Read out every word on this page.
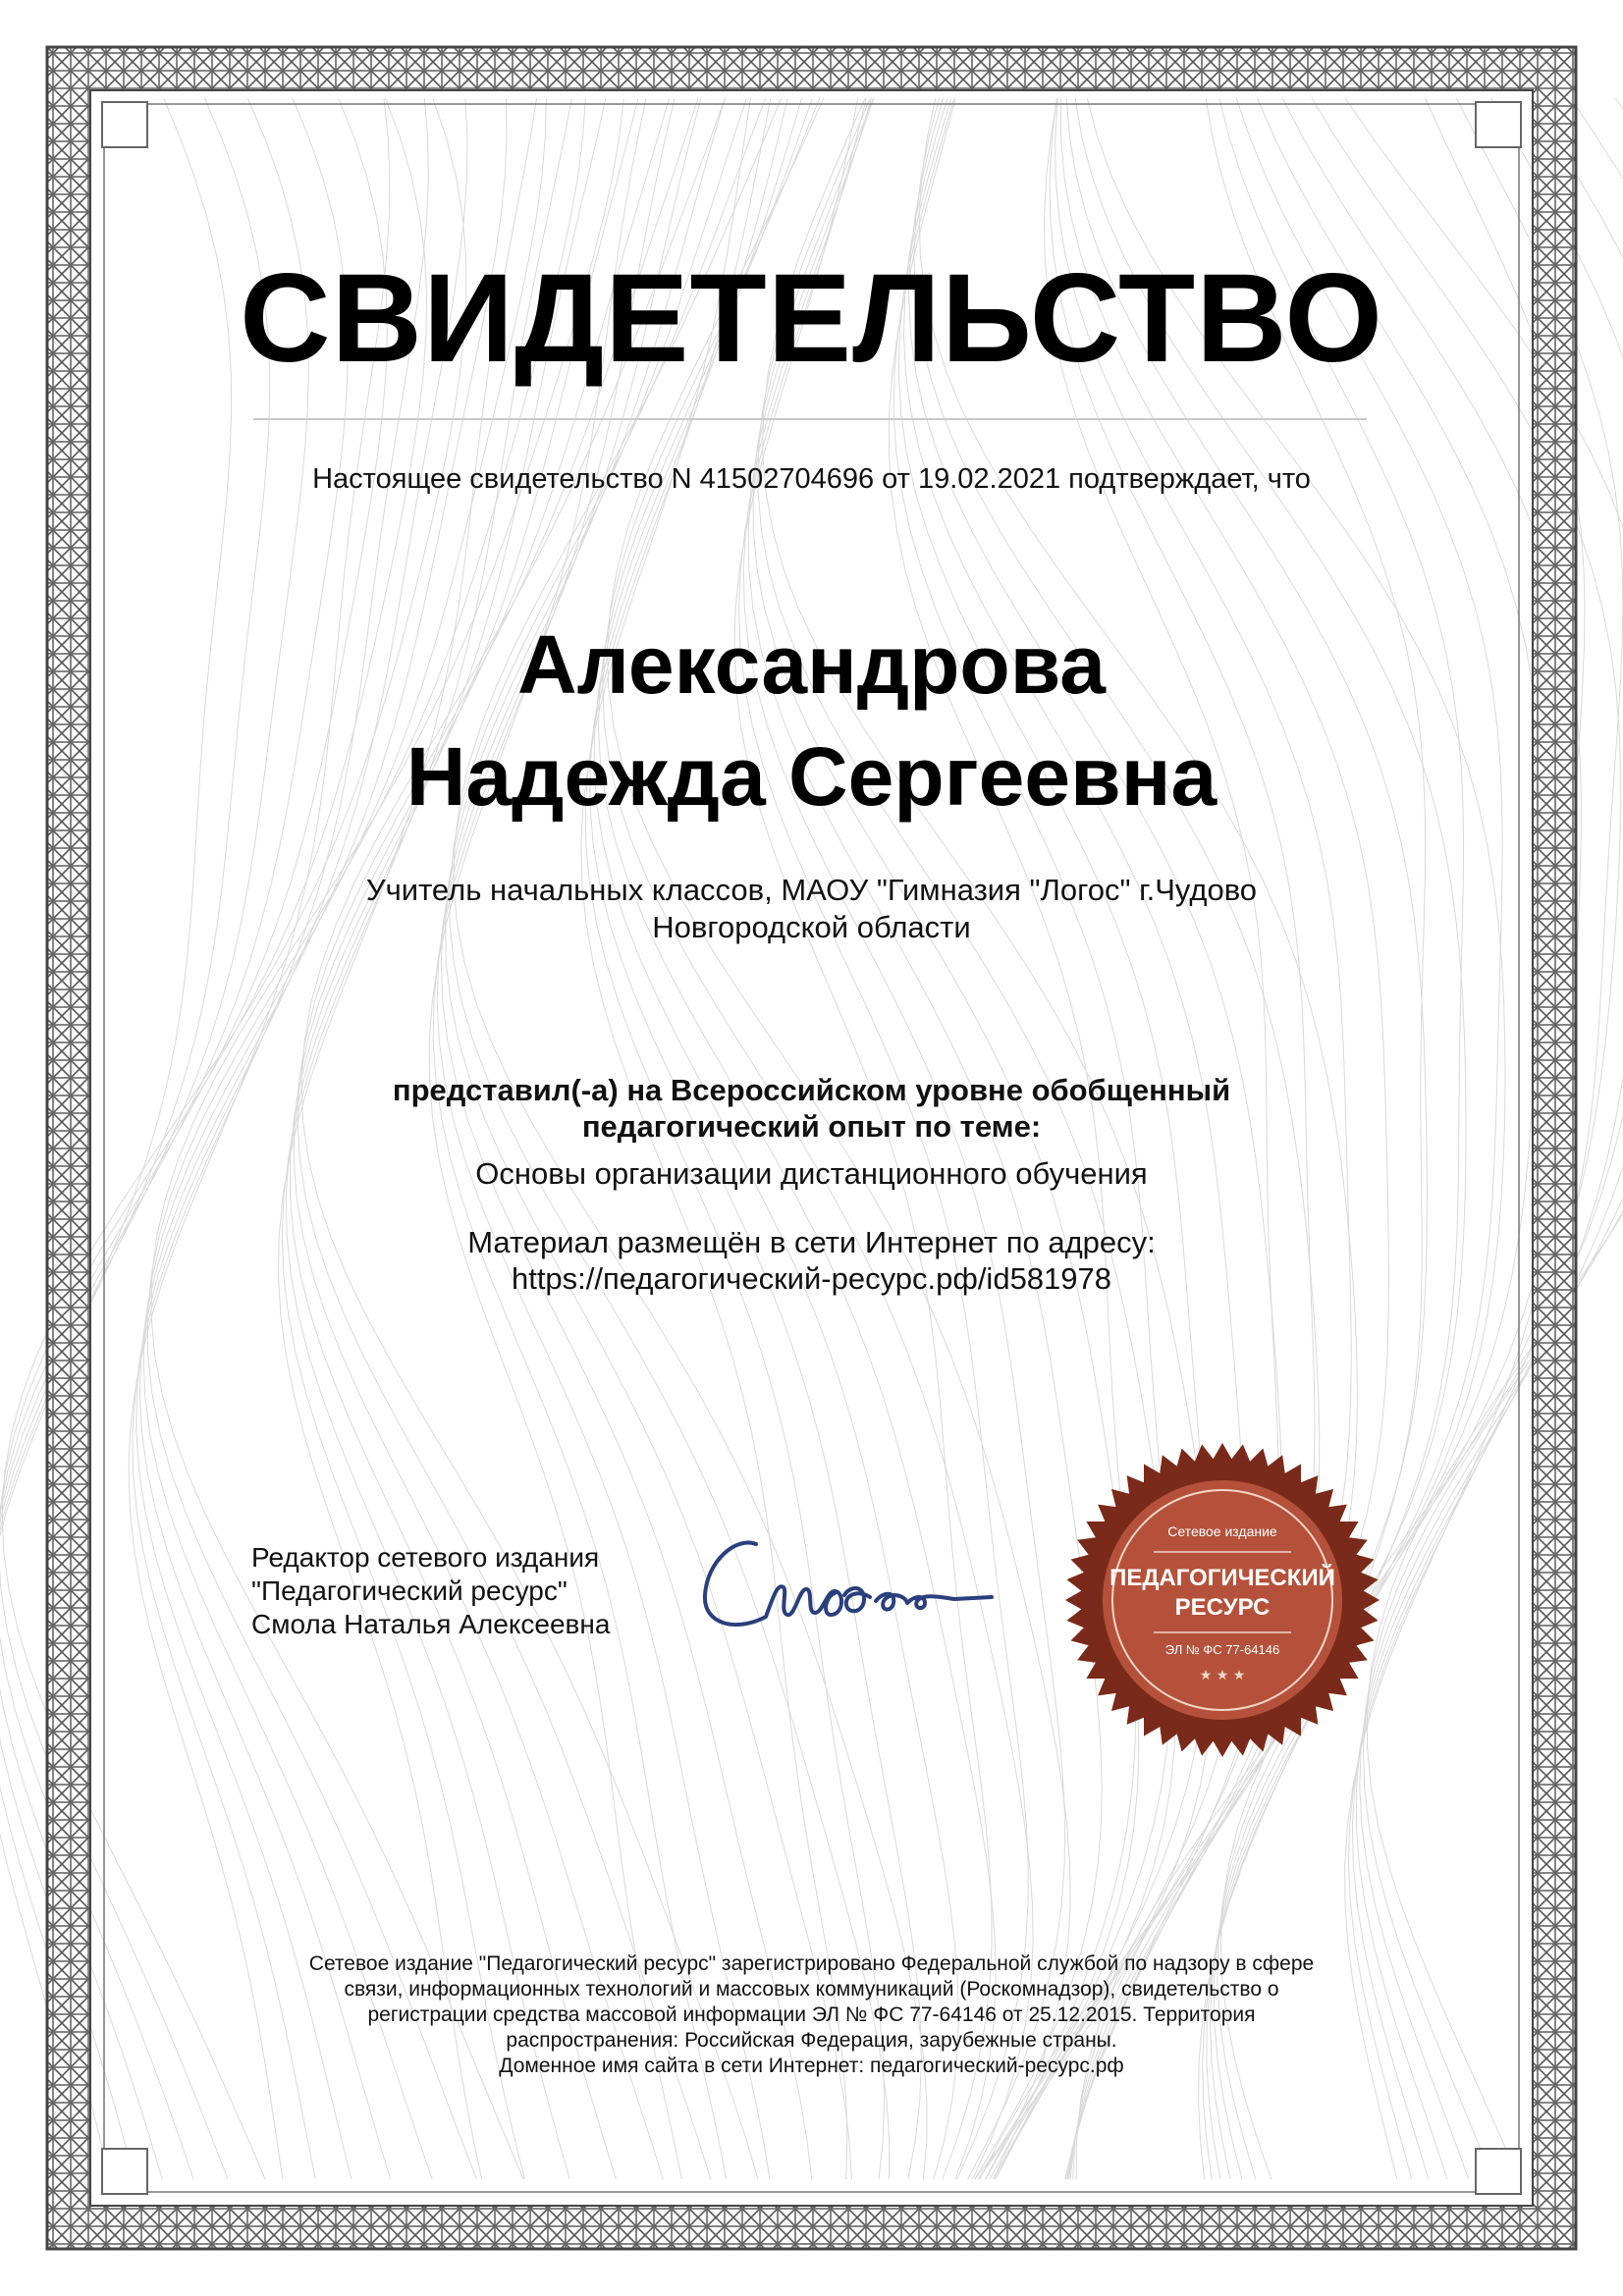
СВИДЕТЕЛЬСТВО
Настоящее свидетельство N 41502704696 от 19.02.2021 подтверждает, что
Александрова
Надежда Сергеевна
Учитель начальных классов, МАОУ "Гимназия "Логос" г.Чудово
Новгородской области
представил(-а) на Всероссийском уровне обобщенный
педагогический опыт по теме:
Основы организации дистанционного обучения
Материал размещён в сети Интернет по адресу:
https://педагогический-ресурс.рф/id581978
Редактор сетевого издания
"Педагогический ресурс"
Смола Наталья Алексеевна
Сетевое издание
ПЕДАГОГИЧЕСКИЙ
РЕСУРС
ЭЛ № ФС 77-64146
★ ★ ★
Сетевое издание "Педагогический ресурс" зарегистрировано Федеральной службой по надзору в сфере
связи, информационных технологий и массовых коммуникаций (Роскомнадзор), свидетельство о
регистрации средства массовой информации ЭЛ № ФС 77-64146 от 25.12.2015. Территория
распространения: Российская Федерация, зарубежные страны.
Доменное имя сайта в сети Интернет: педагогический-ресурс.рф
